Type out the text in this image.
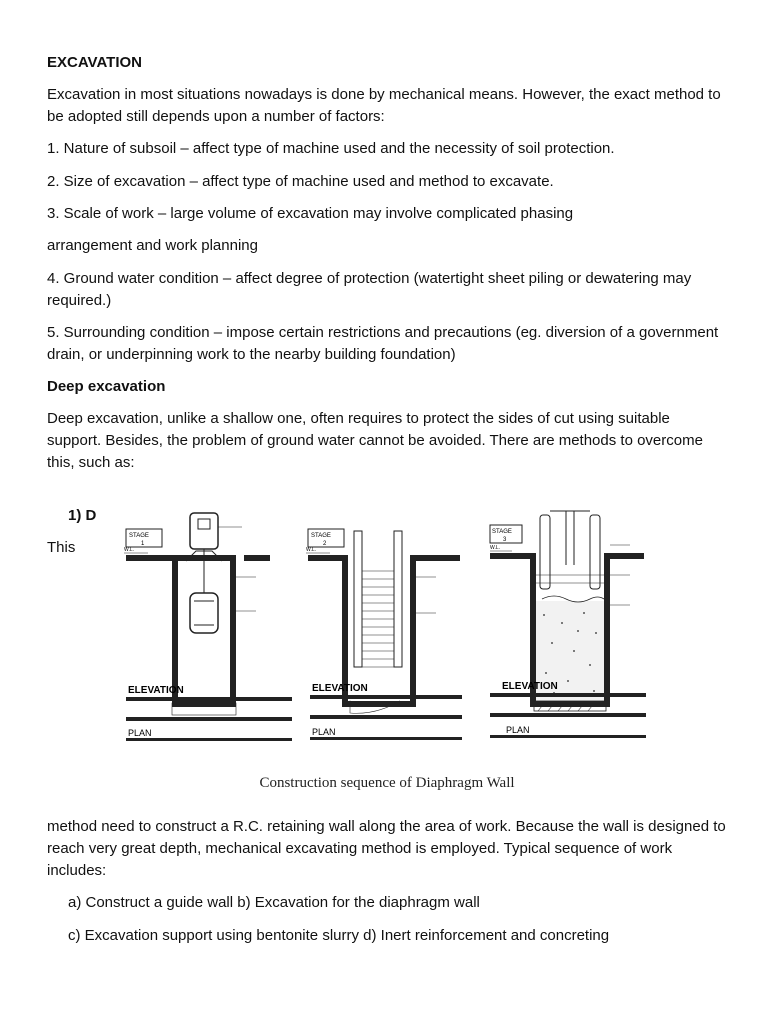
EXCAVATION

Excavation in most situations nowadays is done by mechanical means. However, the exact method to be adopted still depends upon a number of factors:

1. Nature of subsoil – affect type of machine used and the necessity of soil protection.

2. Size of excavation – affect type of machine used and method to excavate.

3. Scale of work – large volume of excavation may involve complicated phasing

arrangement and work planning

4. Ground water condition – affect degree of protection (watertight sheet piling or dewatering may required.)

5. Surrounding condition – impose certain restrictions and precautions (eg. diversion of a government drain, or underpinning work to the nearby building foundation)

Deep excavation

Deep excavation, unlike a shallow one, often requires to protect the sides of cut using suitable support. Besides, the problem of ground water cannot be avoided. There are methods to overcome this, such as:

1) D

This

STAGE
1
W.L.
ELEVATION
PLAN
STAGE
2
W.L.
ELEVATION
PLAN
STAGE
3
W.L.
ELEVATION
PLAN
Construction sequence of Diaphragm Wall

method need to construct a R.C. retaining wall along the area of work. Because the wall is designed to reach very great depth, mechanical excavating method is employed. Typical sequence of work includes:

a) Construct a guide wall b) Excavation for the diaphragm wall

c) Excavation support using bentonite slurry d) Inert reinforcement and concreting
